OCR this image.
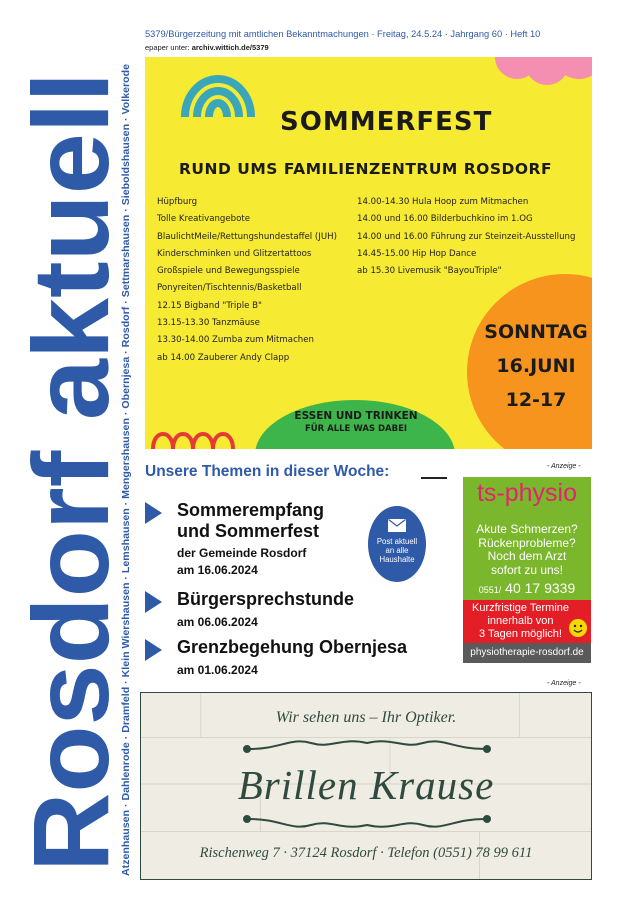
Rosdorf aktuell
Atzenhausen · Dahlenrode · Dramfeld · Klein Wiershausen · Lemshausen · Mengershausen · Obernjesa · Rosdorf · Settmarshausen · Sieboldshausen · Volkerode
5379/Bürgerzeitung mit amtlichen Bekanntmachungen · Freitag, 24.5.24 · Jahrgang 60 · Heft 10
epaper unter: archiv.wittich.de/5379
SOMMERFEST
RUND UMS FAMILIENZENTRUM ROSDORF
Hüpfburg
Tolle Kreativangebote
BlaulichtMeile/Rettungshundestaffel (JUH)
Kinderschminken und Glitzertattoos
Großspiele und Bewegungsspiele
Ponyreiten/Tischtennis/Basketball
12.15 Bigband "Triple B"
13.15-13.30 Tanzmäuse
13.30-14.00 Zumba zum Mitmachen
ab 14.00 Zauberer Andy Clapp
14.00-14.30 Hula Hoop zum Mitmachen
14.00 und 16.00 Bilderbuchkino im 1.OG
14.00 und 16.00 Führung zur Steinzeit-Ausstellung
14.45-15.00 Hip Hop Dance
ab 15.30 Livemusik "BayouTriple"
SONNTAG
16.JUNI
12-17
ESSEN UND TRINKEN
FÜR ALLE WAS DABEI
Unsere Themen in dieser Woche:
Sommerempfang
und Sommerfest
der Gemeinde Rosdorf
am 16.06.2024
Bürgersprechstunde
am 06.06.2024
Grenzbegehung Obernjesa
am 01.06.2024
Post aktuell
an alle
Haushalte
- Anzeige -
ts-physio
Akute Schmerzen?
Rückenprobleme?
Noch dem Arzt
sofort zu uns!
0551/ 40 17 9339
Kurzfristige Termine
innerhalb von
3 Tagen möglich!
physiotherapie-rosdorf.de
- Anzeige -
Wir sehen uns – Ihr Optiker.
Brillen Krause
Rischenweg 7 · 37124 Rosdorf · Telefon (0551) 78 99 611
